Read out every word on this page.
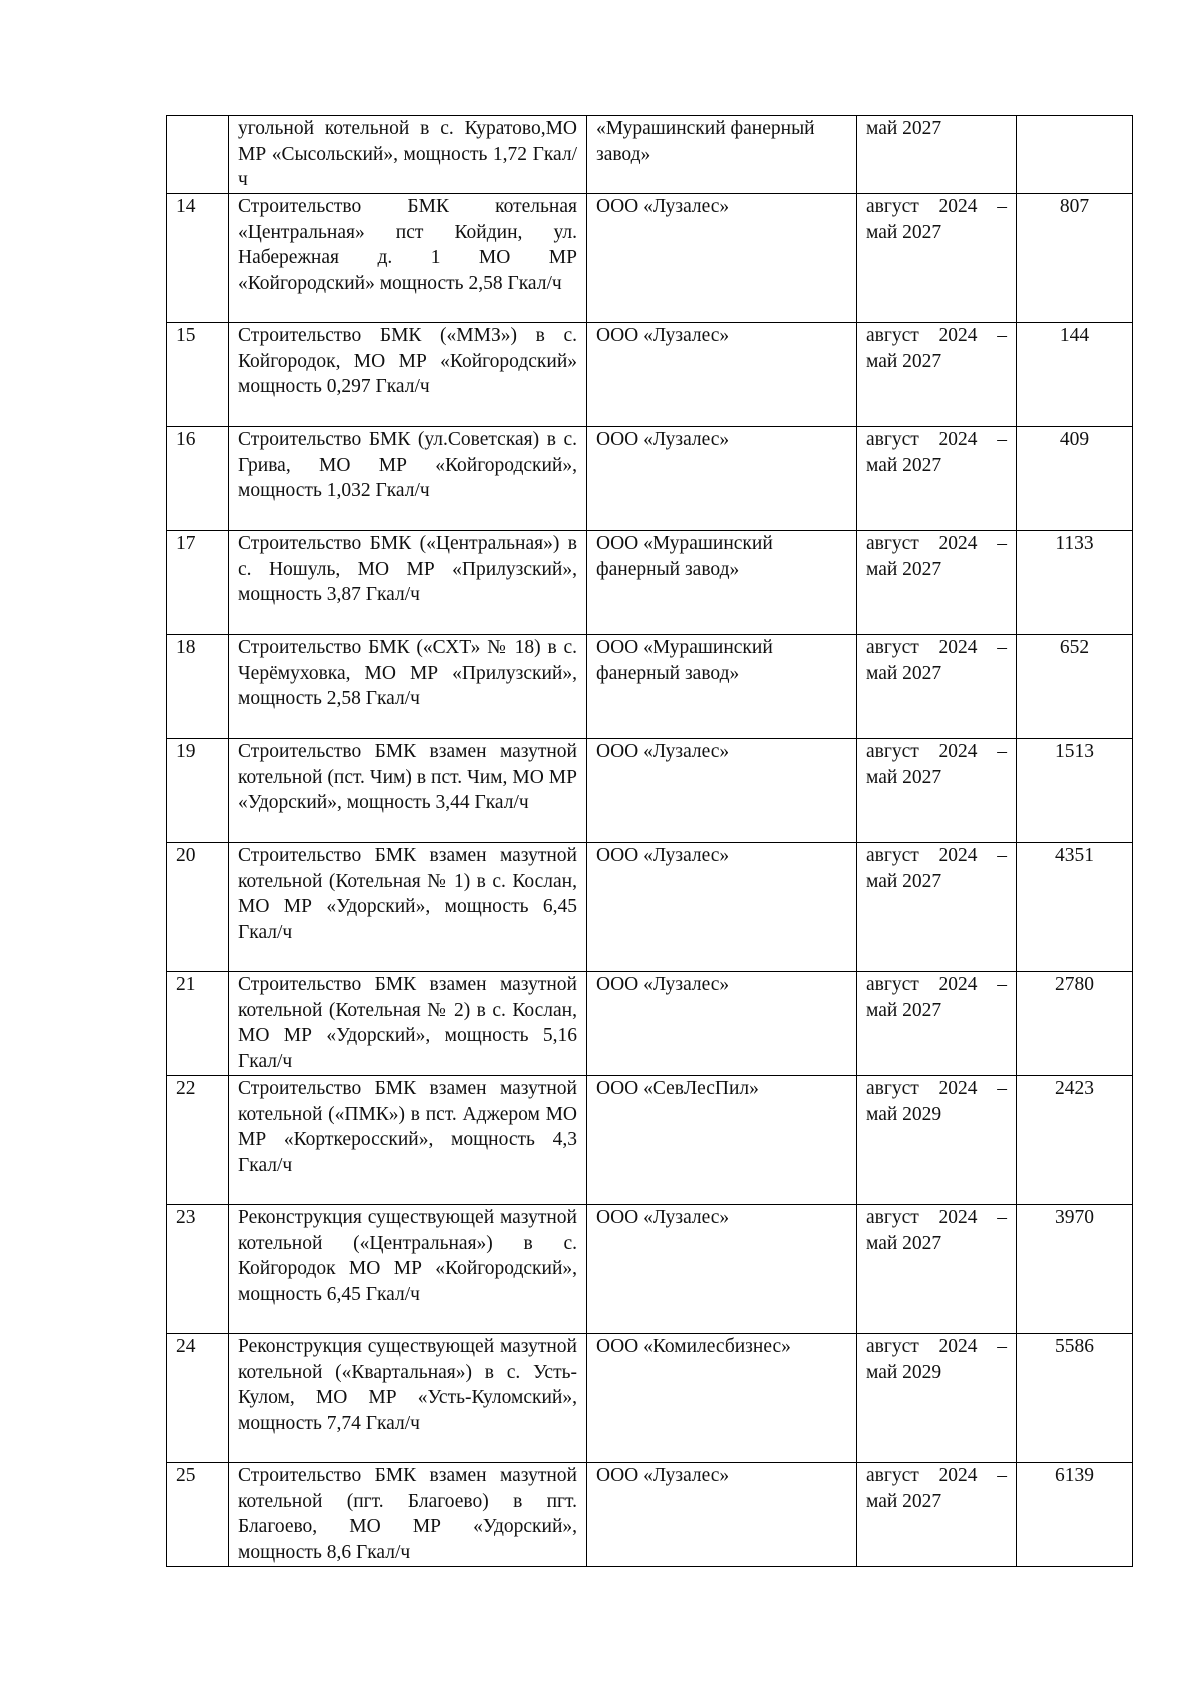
	угольной котельной в с. Куратово,МО МР «Сысольский», мощность 1,72 Гкал/ч	«Мурашинский фанерный завод»	май 2027	
14	Строительство БМК котельная «Центральная» пст Койдин, ул. Набережная д. 1 МО МР «Койгородский» мощность 2,58 Гкал/ч	ООО «Лузалес»	август 2024 – май 2027	807
15	Строительство БМК («ММЗ») в с. Койгородок, МО МР «Койгородский» мощность 0,297 Гкал/ч	ООО «Лузалес»	август 2024 – май 2027	144
16	Строительство БМК (ул.Советская) в с. Грива, МО МР «Койгородский», мощность 1,032 Гкал/ч	ООО «Лузалес»	август 2024 – май 2027	409
17	Строительство БМК («Центральная») в с. Ношуль, МО МР «Прилузский», мощность 3,87 Гкал/ч	ООО «Мурашинский фанерный завод»	август 2024 – май 2027	1133
18	Строительство БМК («СХТ» № 18) в с. Черёмуховка, МО МР «Прилузский», мощность 2,58 Гкал/ч	ООО «Мурашинский фанерный завод»	август 2024 – май 2027	652
19	Строительство БМК взамен мазутной котельной (пст. Чим) в пст. Чим, МО МР «Удорский», мощность 3,44 Гкал/ч	ООО «Лузалес»	август 2024 – май 2027	1513
20	Строительство БМК взамен мазутной котельной (Котельная № 1) в с. Кослан, МО МР «Удорский», мощность 6,45 Гкал/ч	ООО «Лузалес»	август 2024 – май 2027	4351
21	Строительство БМК взамен мазутной котельной (Котельная № 2) в с. Кослан, МО МР «Удорский», мощность 5,16 Гкал/ч	ООО «Лузалес»	август 2024 – май 2027	2780
22	Строительство БМК взамен мазутной котельной («ПМК») в пст. Аджером МО МР «Корткеросский», мощность 4,3 Гкал/ч	ООО «СевЛесПил»	август 2024 – май 2029	2423
23	Реконструкция существующей мазутной котельной («Центральная») в с. Койгородок МО МР «Койгородский», мощность 6,45 Гкал/ч	ООО «Лузалес»	август 2024 – май 2027	3970
24	Реконструкция существующей мазутной котельной («Квартальная») в с. Усть-Кулом, МО МР «Усть-Куломский», мощность 7,74 Гкал/ч	ООО «Комилесбизнес»	август 2024 – май 2029	5586
25	Строительство БМК взамен мазутной котельной (пгт. Благоево) в пгт. Благоево, МО МР «Удорский», мощность 8,6 Гкал/ч	ООО «Лузалес»	август 2024 – май 2027	6139
